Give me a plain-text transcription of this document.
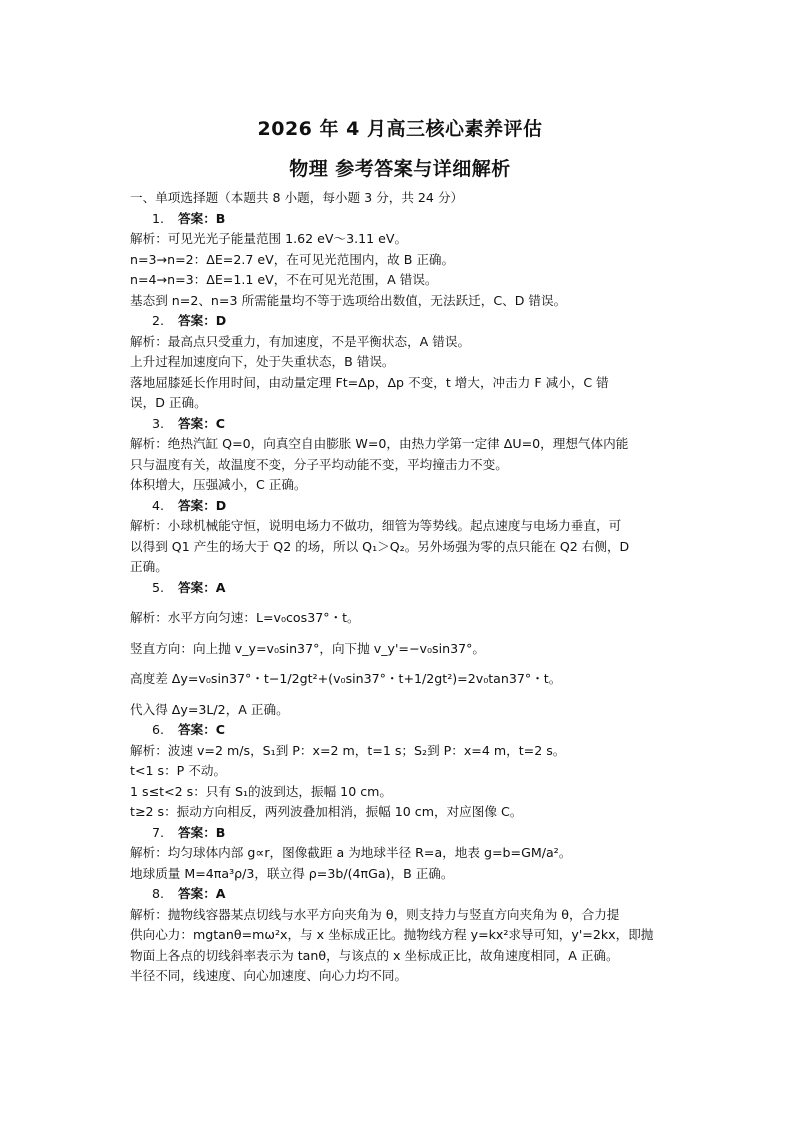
2026 年 4 月高三核心素养评估
物理 参考答案与详细解析
一、单项选择题（本题共 8 小题，每小题 3 分，共 24 分）
1. 答案：B
解析：可见光光子能量范围 1.62 eV～3.11 eV。
n=3→n=2：ΔE=2.7 eV，在可见光范围内，故 B 正确。
n=4→n=3：ΔE=1.1 eV，不在可见光范围，A 错误。
基态到 n=2、n=3 所需能量均不等于选项给出数值，无法跃迁，C、D 错误。
2. 答案：D
解析：最高点只受重力，有加速度，不是平衡状态，A 错误。
上升过程加速度向下，处于失重状态，B 错误。
落地屈膝延长作用时间，由动量定理 Ft=Δp，Δp 不变，t 增大，冲击力 F 减小，C 错
误，D 正确。
3. 答案：C
解析：绝热汽缸 Q=0，向真空自由膨胀 W=0，由热力学第一定律 ΔU=0，理想气体内能
只与温度有关，故温度不变，分子平均动能不变，平均撞击力不变。
体积增大，压强减小，C 正确。
4. 答案：D
解析：小球机械能守恒，说明电场力不做功，细管为等势线。起点速度与电场力垂直，可
以得到 Q1 产生的场大于 Q2 的场，所以 Q₁＞Q₂。另外场强为零的点只能在 Q2 右侧，D
正确。
5. 答案：A
解析：水平方向匀速：L=v₀cos37°・t。
竖直方向：向上抛 v_y=v₀sin37°，向下抛 v_y'=−v₀sin37°。
高度差 Δy=v₀sin37°・t−1/2gt²+(v₀sin37°・t+1/2gt²)=2v₀tan37°・t。
代入得 Δy=3L/2，A 正确。
6. 答案：C
解析：波速 v=2 m/s，S₁到 P：x=2 m，t=1 s；S₂到 P：x=4 m，t=2 s。
t<1 s：P 不动。
1 s≤t<2 s：只有 S₁的波到达，振幅 10 cm。
t≥2 s：振动方向相反，两列波叠加相消，振幅 10 cm，对应图像 C。
7. 答案：B
解析：均匀球体内部 g∝r，图像截距 a 为地球半径 R=a，地表 g=b=GM/a²。
地球质量 M=4πa³ρ/3，联立得 ρ=3b/(4πGa)，B 正确。
8. 答案：A
解析：抛物线容器某点切线与水平方向夹角为 θ，则支持力与竖直方向夹角为 θ，合力提
供向心力：mgtanθ=mω²x，与 x 坐标成正比。抛物线方程 y=kx²求导可知，y'=2kx，即抛
物面上各点的切线斜率表示为 tanθ，与该点的 x 坐标成正比，故角速度相同，A 正确。
半径不同，线速度、向心加速度、向心力均不同。
